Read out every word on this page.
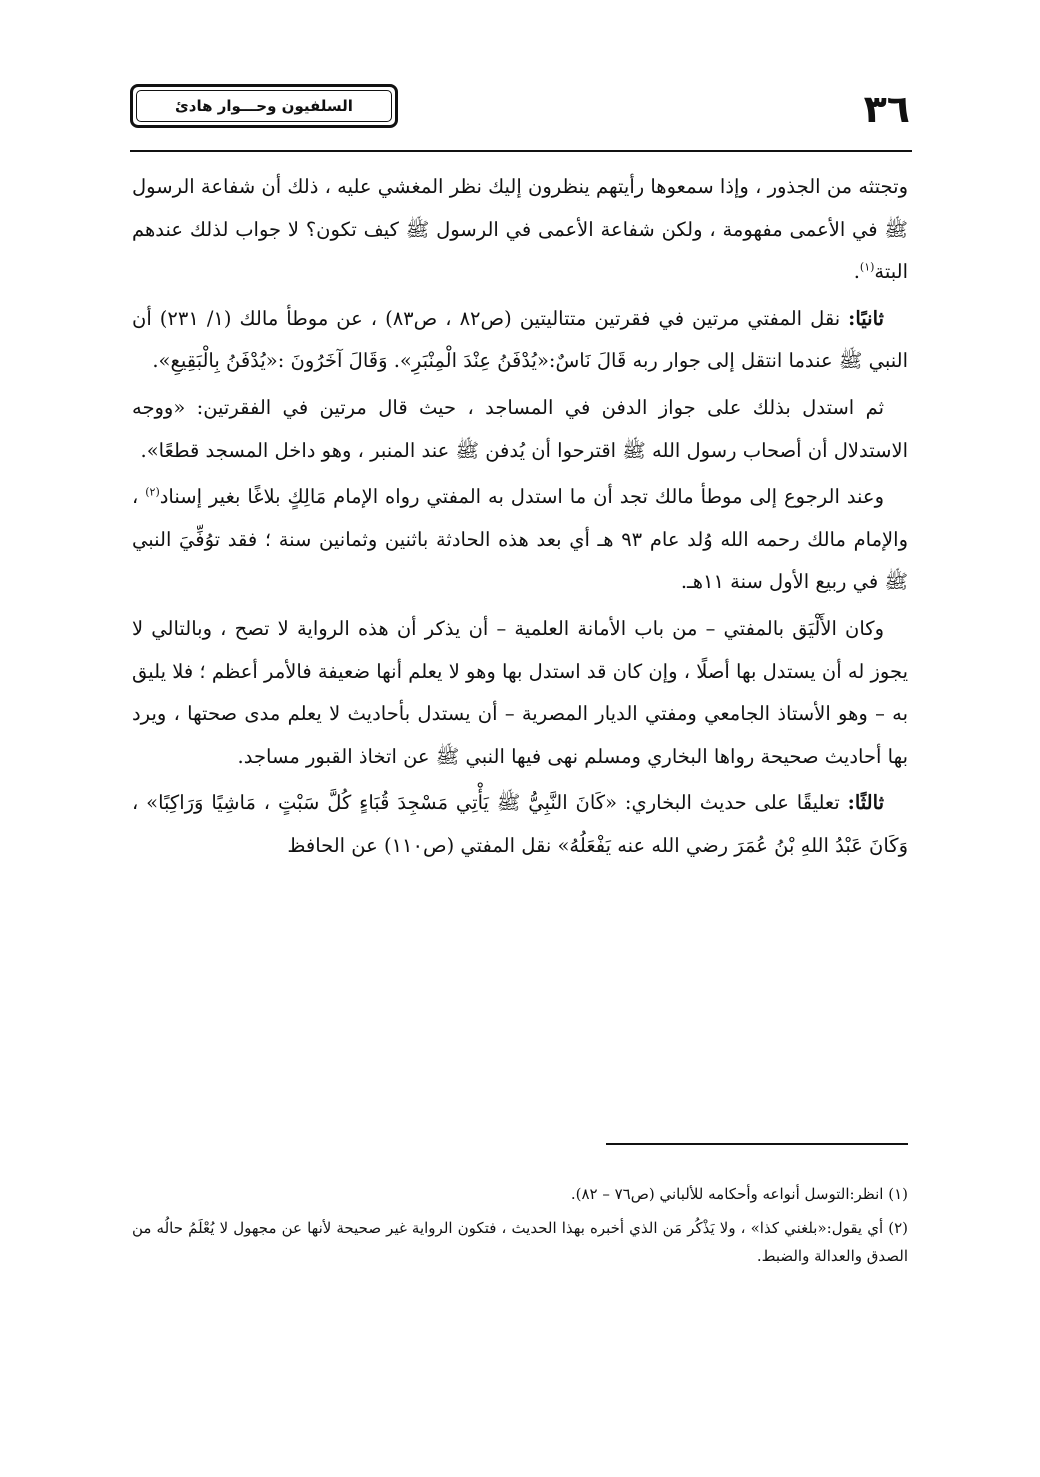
٣٦
السلفيون وحـــوار هادئ

وتجتثه من الجذور ، وإذا سمعوها رأيتهم ينظرون إليك نظر المغشي عليه ، ذلك أن شفاعة الرسول ﷺ في الأعمى مفهومة ، ولكن شفاعة الأعمى في الرسول ﷺ كيف تكون؟ لا جواب لذلك عندهم البتة$^{(١)}$.

ثانيًا: نقل المفتي مرتين في فقرتين متتاليتين (ص٨٢ ، ص٨٣) ، عن موطأ مالك (١/ ٢٣١) أن النبي ﷺ عندما انتقل إلى جوار ربه قَالَ نَاسٌ:«يُدْفَنُ عِنْدَ الْمِنْبَرِ». وَقَالَ آخَرُونَ :«يُدْفَنُ بِالْبَقِيعِ».

ثم استدل بذلك على جواز الدفن في المساجد ، حيث قال مرتين في الفقرتين: «ووجه الاستدلال أن أصحاب رسول الله ﷺ اقترحوا أن يُدفن ﷺ عند المنبر ، وهو داخل المسجد قطعًا».

وعند الرجوع إلى موطأ مالك تجد أن ما استدل به المفتي رواه الإمام مَالِكٍ بلاغًا بغير إسناد$^{(٢)}$ ، والإمام مالك رحمه الله وُلد عام ٩٣ هـ أي بعد هذه الحادثة باثنين وثمانين سنة ؛ فقد توُفِّيَ النبي ﷺ في ربيع الأول سنة ١١هـ.

وكان الأَلْيَق بالمفتي – من باب الأمانة العلمية – أن يذكر أن هذه الرواية لا تصح ، وبالتالي لا يجوز له أن يستدل بها أصلًا ، وإن كان قد استدل بها وهو لا يعلم أنها ضعيفة فالأمر أعظم ؛ فلا يليق به – وهو الأستاذ الجامعي ومفتي الديار المصرية – أن يستدل بأحاديث لا يعلم مدى صحتها ، ويرد بها أحاديث صحيحة رواها البخاري ومسلم نهى فيها النبي ﷺ عن اتخاذ القبور مساجد.

ثالثًا: تعليقًا على حديث البخاري: «كَانَ النَّبِيُّ ﷺ يَأْتِي مَسْجِدَ قُبَاءٍ كُلَّ سَبْتٍ ، مَاشِيًا وَرَاكِبًا» ، وَكَانَ عَبْدُ اللهِ بْنُ عُمَرَ رضي الله عنه يَفْعَلُهُ» نقل المفتي (ص١١٠) عن الحافظ

(١) انظر:التوسل أنواعه وأحكامه للألباني (ص٧٦ – ٨٢).

(٢) أي يقول:«بلغني كذا» ، ولا يَذْكُر مَن الذي أخبره بهذا الحديث ، فتكون الرواية غير صحيحة لأنها عن مجهول لا يُعْلَمُ حالُه من الصدق والعدالة والضبط.
